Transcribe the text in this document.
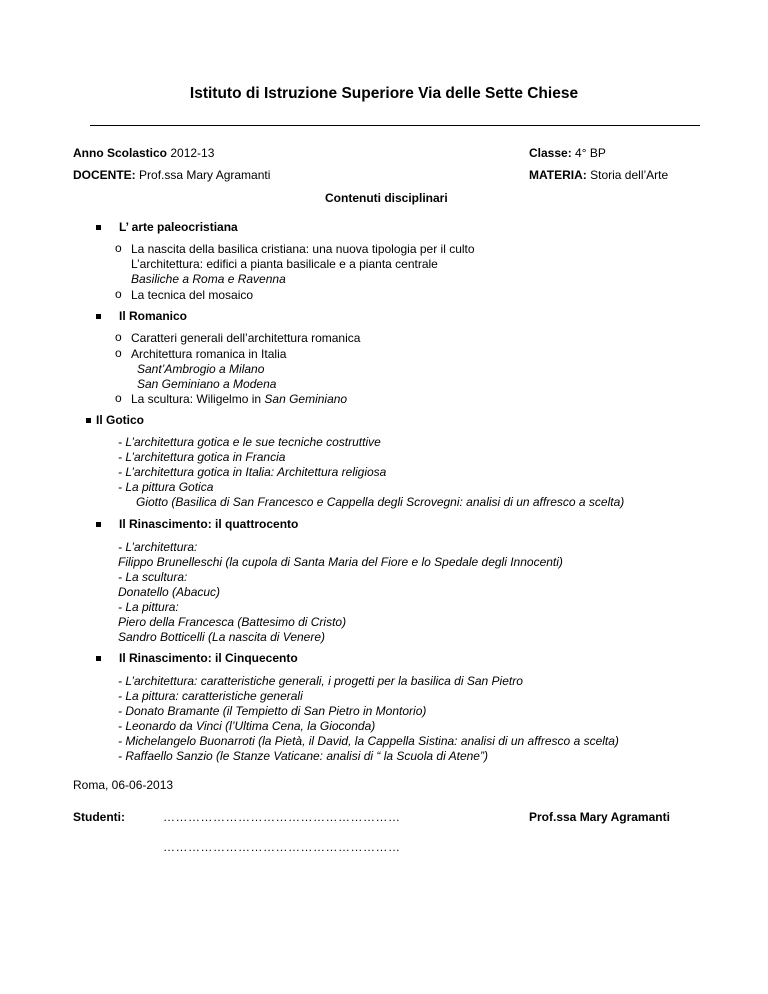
Istituto di Istruzione Superiore Via delle Sette Chiese
Anno Scolastico 2012-13	Classe: 4° BP
DOCENTE: Prof.ssa Mary Agramanti	MATERIA: Storia dell’Arte
Contenuti disciplinari
L’ arte paleocristiana
o La nascita della basilica cristiana: una nuova tipologia per il culto
L’architettura: edifici a pianta basilicale e a pianta centrale
Basiliche a Roma e Ravenna
o La tecnica del mosaico
Il Romanico
o Caratteri generali dell’architettura romanica
o Architettura romanica in Italia
Sant’Ambrogio a Milano
San Geminiano a Modena
o La scultura: Wiligelmo in San Geminiano
Il Gotico
- L’architettura gotica e le sue tecniche costruttive
- L’architettura gotica in Francia
- L’architettura gotica in Italia: Architettura religiosa
- La pittura Gotica
Giotto (Basilica di San Francesco e Cappella degli Scrovegni: analisi di un affresco a scelta)
Il Rinascimento: il quattrocento
- L’architettura:
Filippo Brunelleschi (la cupola di Santa Maria del Fiore e lo Spedale degli Innocenti)
- La scultura:
Donatello (Abacuc)
- La pittura:
Piero della Francesca (Battesimo di Cristo)
Sandro Botticelli (La nascita di Venere)
Il Rinascimento: il Cinquecento
- L’architettura: caratteristiche generali, i progetti per la basilica di San Pietro
- La pittura: caratteristiche generali
- Donato Bramante (il Tempietto di San Pietro in Montorio)
- Leonardo da Vinci (l’Ultima Cena, la Gioconda)
- Michelangelo Buonarroti (la Pietà, il David, la Cappella Sistina: analisi di un affresco a scelta)
- Raffaello Sanzio (le Stanze Vaticane: analisi di “ la Scuola di Atene”)
Roma, 06-06-2013
Studenti:	…………………………………………………	Prof.ssa Mary Agramanti
…………………………………………………
